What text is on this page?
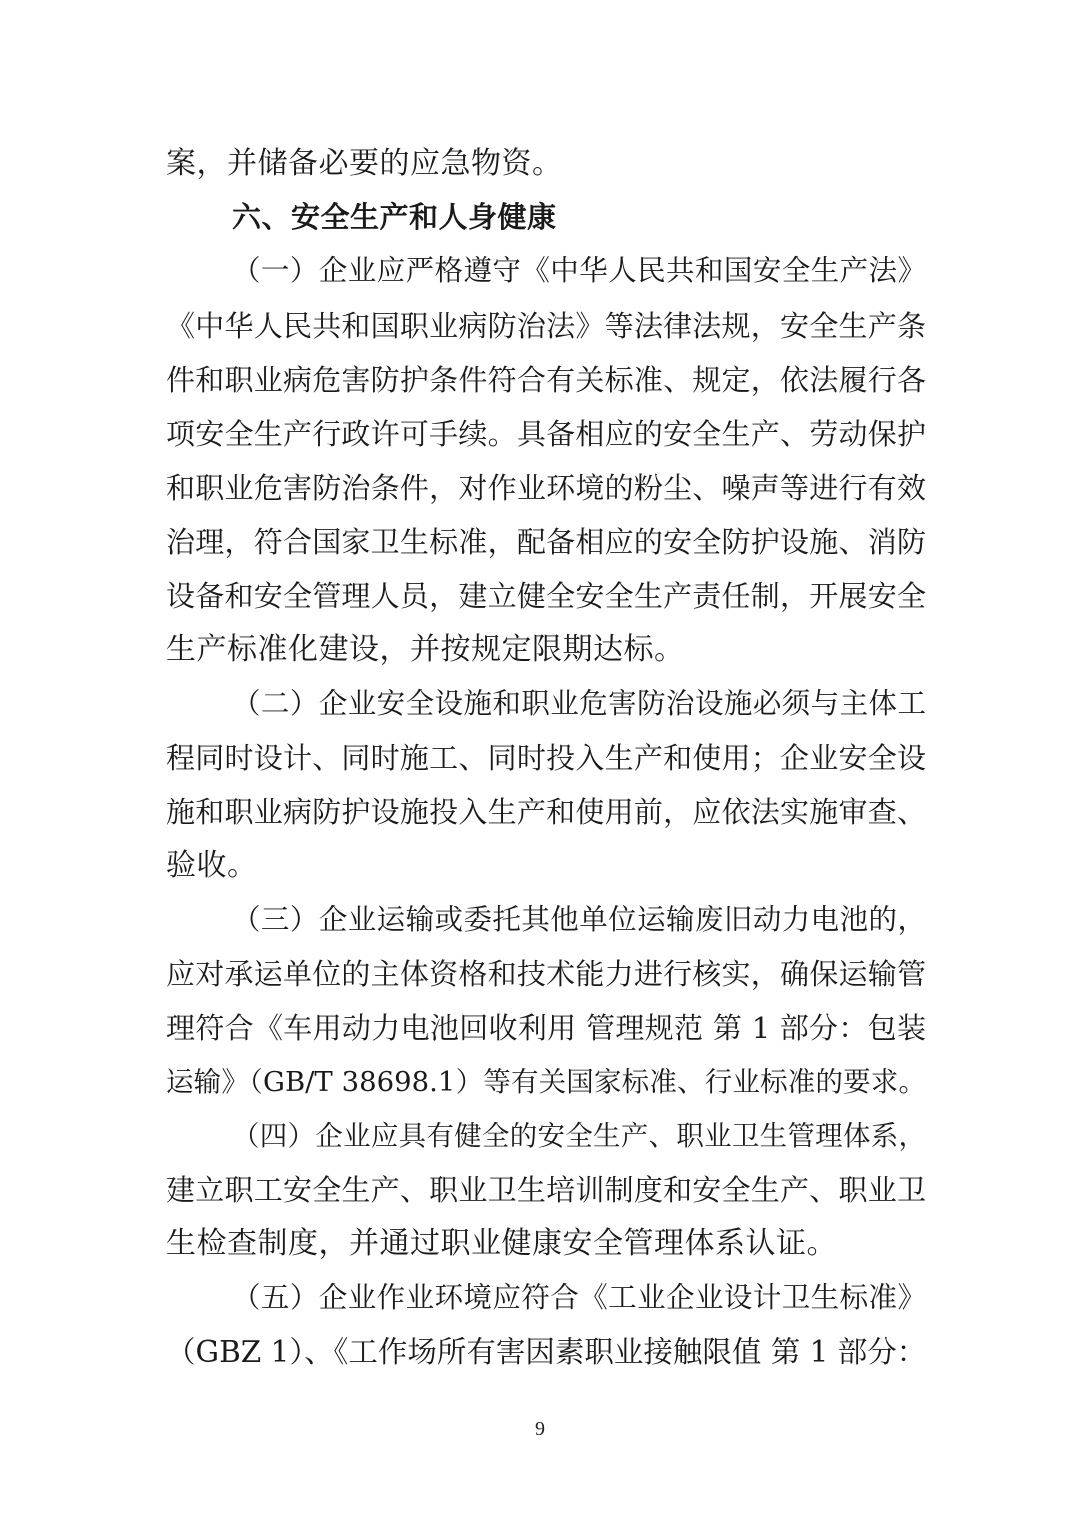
案，并储备必要的应急物资。
六、安全生产和人身健康
（一）企业应严格遵守《中华人民共和国安全生产法》
《中华人民共和国职业病防治法》等法律法规，安全生产条
件和职业病危害防护条件符合有关标准、规定，依法履行各
项安全生产行政许可手续。具备相应的安全生产、劳动保护
和职业危害防治条件，对作业环境的粉尘、噪声等进行有效
治理，符合国家卫生标准，配备相应的安全防护设施、消防
设备和安全管理人员，建立健全安全生产责任制，开展安全
生产标准化建设，并按规定限期达标。
（二）企业安全设施和职业危害防治设施必须与主体工
程同时设计、同时施工、同时投入生产和使用；企业安全设
施和职业病防护设施投入生产和使用前，应依法实施审查、
验收。
（三）企业运输或委托其他单位运输废旧动力电池的，
应对承运单位的主体资格和技术能力进行核实，确保运输管
理符合《车用动力电池回收利用 管理规范 第 1 部分：包装
运输》（GB/T 38698.1）等有关国家标准、行业标准的要求。
（四）企业应具有健全的安全生产、职业卫生管理体系，
建立职工安全生产、职业卫生培训制度和安全生产、职业卫
生检查制度，并通过职业健康安全管理体系认证。
（五）企业作业环境应符合《工业企业设计卫生标准》
（GBZ 1）、《工作场所有害因素职业接触限值 第 1 部分：
9
